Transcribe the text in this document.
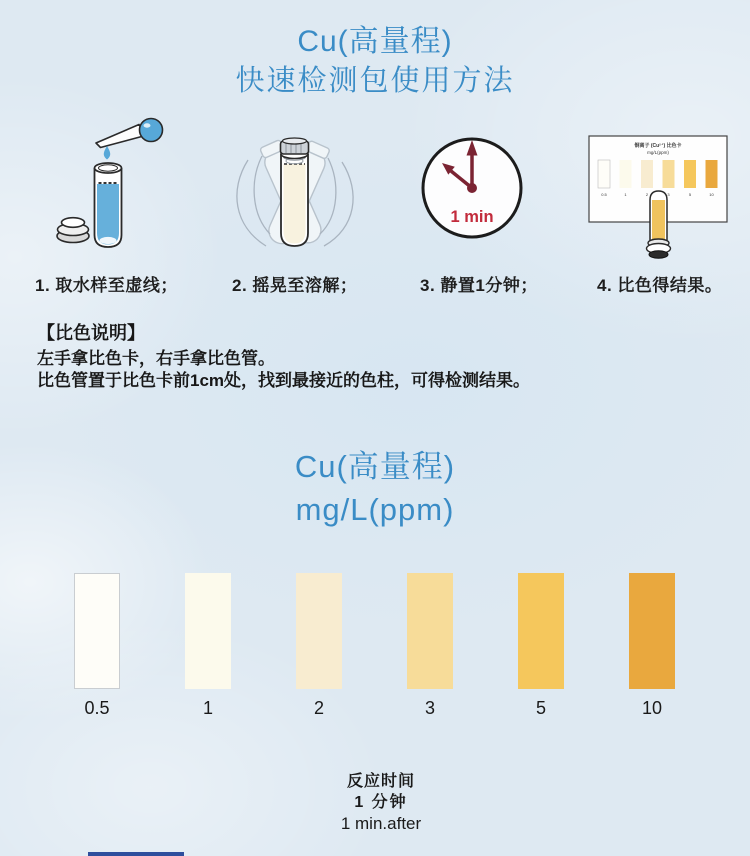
Cu(高量程)
快速检测包使用方法
1 min
铜离子 (Cu²⁺) 比色卡
mg/L(ppm)
0.5	1	2	3	5	10

1. 取水样至虚线；	2. 摇晃至溶解；	3. 静置1分钟；	4. 比色得结果。

【比色说明】

左手拿比色卡，右手拿比色管。

比色管置于比色卡前1cm处，找到最接近的色柱，可得检测结果。

Cu(高量程)
mg/L(ppm)
0.5	1	2	3	5	10

反应时间

1 分钟

1 min.after
